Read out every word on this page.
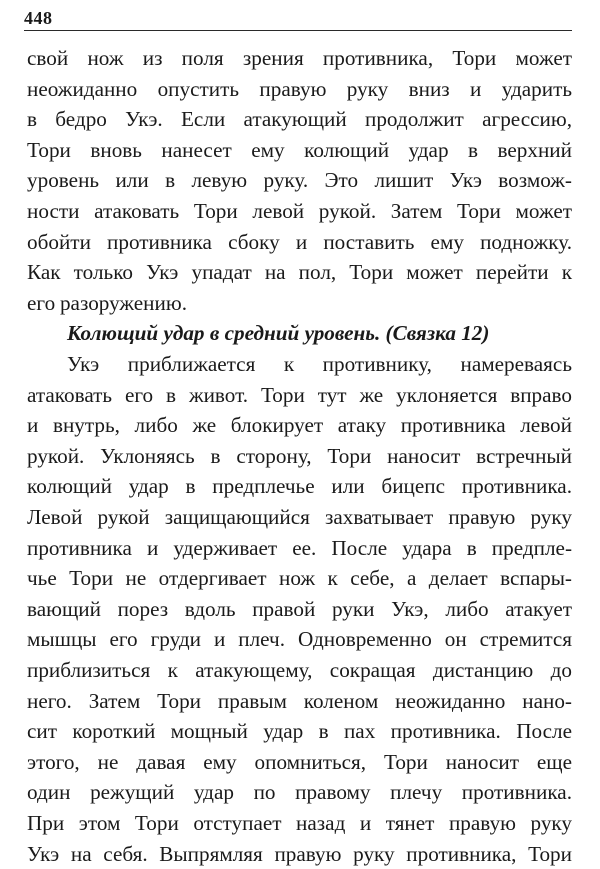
448
свой нож из поля зрения противника, Тори может
неожиданно опустить правую руку вниз и ударить
в бедро Укэ. Если атакующий продолжит агрессию,
Тори вновь нанесет ему колющий удар в верхний
уровень или в левую руку. Это лишит Укэ возмож-
ности атаковать Тори левой рукой. Затем Тори может
обойти противника сбоку и поставить ему подножку.
Как только Укэ упадат на пол, Тори может перейти к
его разоружению.
Колющий удар в средний уровень. (Связка 12)
Укэ приближается к противнику, намереваясь
атаковать его в живот. Тори тут же уклоняется вправо
и внутрь, либо же блокирует атаку противника левой
рукой. Уклоняясь в сторону, Тори наносит встречный
колющий удар в предплечье или бицепс противника.
Левой рукой защищающийся захватывает правую руку
противника и удерживает ее. После удара в предпле-
чье Тори не отдергивает нож к себе, а делает вспары-
вающий порез вдоль правой руки Укэ, либо атакует
мышцы его груди и плеч. Одновременно он стремится
приблизиться к атакующему, сокращая дистанцию до
него. Затем Тори правым коленом неожиданно нано-
сит короткий мощный удар в пах противника. После
этого, не давая ему опомниться, Тори наносит еще
один режущий удар по правому плечу противника.
При этом Тори отступает назад и тянет правую руку
Укэ на себя. Выпрямляя правую руку противника, Тори
